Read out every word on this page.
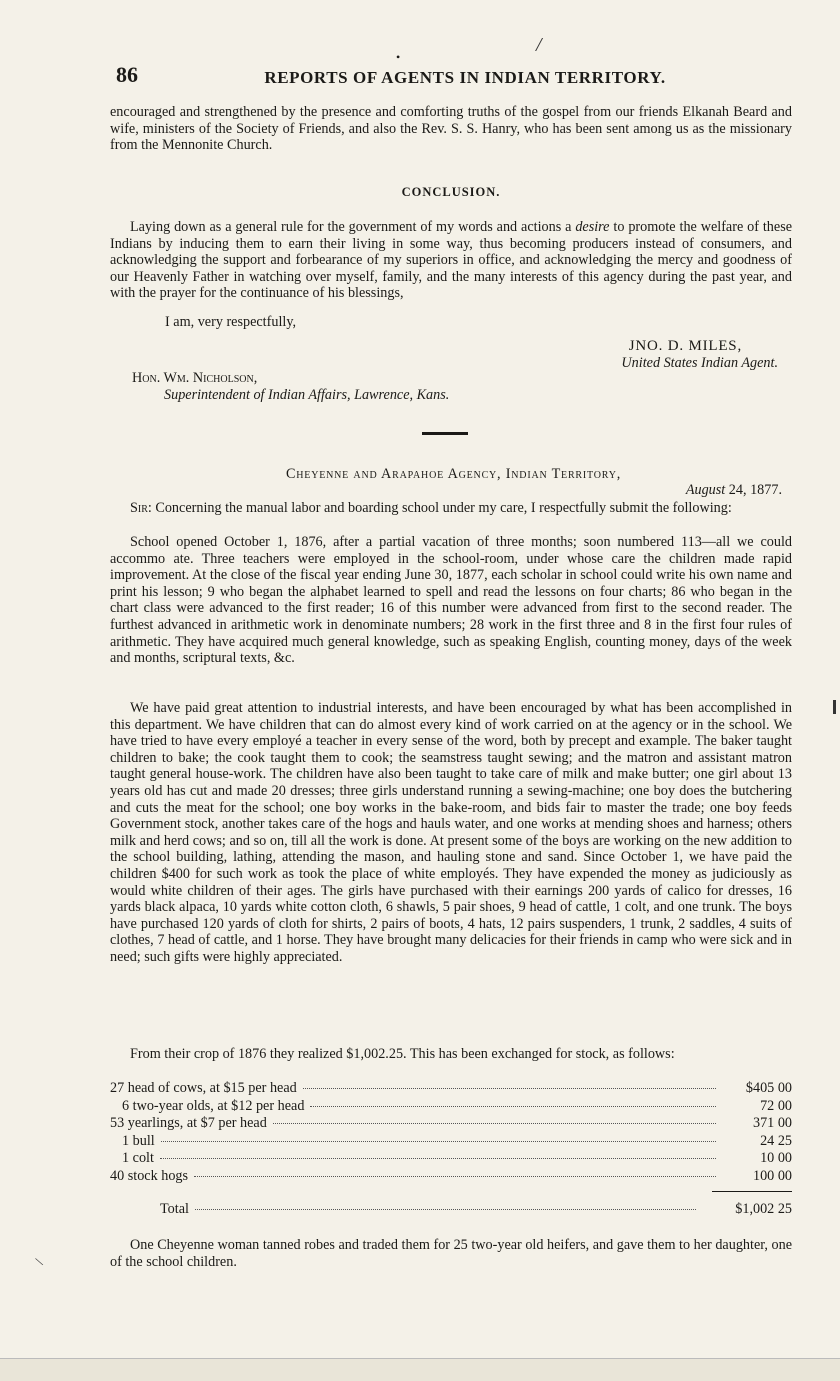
86	REPORTS OF AGENTS IN INDIAN TERRITORY.
/
•
encouraged and strengthened by the presence and comforting truths of the gospel from our friends Elkanah Beard and wife, ministers of the Society of Friends, and also the Rev. S. S. Hanry, who has been sent among us as the missionary from the Mennonite Church.
CONCLUSION.
Laying down as a general rule for the government of my words and actions a desire to promote the welfare of these Indians by inducing them to earn their living in some way, thus becoming producers instead of consumers, and acknowledging the support and forbearance of my superiors in office, and acknowledging the mercy and goodness of our Heavenly Father in watching over myself, family, and the many interests of this agency during the past year, and with the prayer for the continuance of his blessings,
I am, very respectfully,
JNO. D. MILES,
United States Indian Agent.
Hon. Wm. Nicholson,
Superintendent of Indian Affairs, Lawrence, Kans.
Cheyenne and Arapahoe Agency, Indian Territory,
August 24, 1877.
Sir: Concerning the manual labor and boarding school under my care, I respectfully submit the following:
School opened October 1, 1876, after a partial vacation of three months; soon numbered 113—all we could accommo ate. Three teachers were employed in the school-room, under whose care the children made rapid improvement. At the close of the fiscal year ending June 30, 1877, each scholar in school could write his own name and print his lesson; 9 who began the alphabet learned to spell and read the lessons on four charts; 86 who began in the chart class were advanced to the first reader; 16 of this number were advanced from first to the second reader. The furthest advanced in arithmetic work in denominate numbers; 28 work in the first three and 8 in the first four rules of arithmetic. They have acquired much general knowledge, such as speaking English, counting money, days of the week and months, scriptural texts, &c.
We have paid great attention to industrial interests, and have been encouraged by what has been accomplished in this department. We have children that can do almost every kind of work carried on at the agency or in the school. We have tried to have every employé a teacher in every sense of the word, both by precept and example. The baker taught children to bake; the cook taught them to cook; the seamstress taught sewing; and the matron and assistant matron taught general house-work. The children have also been taught to take care of milk and make butter; one girl about 13 years old has cut and made 20 dresses; three girls understand running a sewing-machine; one boy does the butchering and cuts the meat for the school; one boy works in the bake-room, and bids fair to master the trade; one boy feeds Government stock, another takes care of the hogs and hauls water, and one works at mending shoes and harness; others milk and herd cows; and so on, till all the work is done. At present some of the boys are working on the new addition to the school building, lathing, attending the mason, and hauling stone and sand. Since October 1, we have paid the children $400 for such work as took the place of white employés. They have expended the money as judiciously as would white children of their ages. The girls have purchased with their earnings 200 yards of calico for dresses, 16 yards black alpaca, 10 yards white cotton cloth, 6 shawls, 5 pair shoes, 9 head of cattle, 1 colt, and one trunk. The boys have purchased 120 yards of cloth for shirts, 2 pairs of boots, 4 hats, 12 pairs suspenders, 1 trunk, 2 saddles, 4 suits of clothes, 7 head of cattle, and 1 horse. They have brought many delicacies for their friends in camp who were sick and in need; such gifts were highly appreciated.
From their crop of 1876 they realized $1,002.25. This has been exchanged for stock, as follows:
27 head of cows, at $15 per head	$405 00
6 two-year olds, at $12 per head	72 00
53 yearlings, at $7 per head	371 00
1 bull	24 25
1 colt	10 00
40 stock hogs	100 00
Total	$1,002 25
One Cheyenne woman tanned robes and traded them for 25 two-year old heifers, and gave them to her daughter, one of the school children.
\
